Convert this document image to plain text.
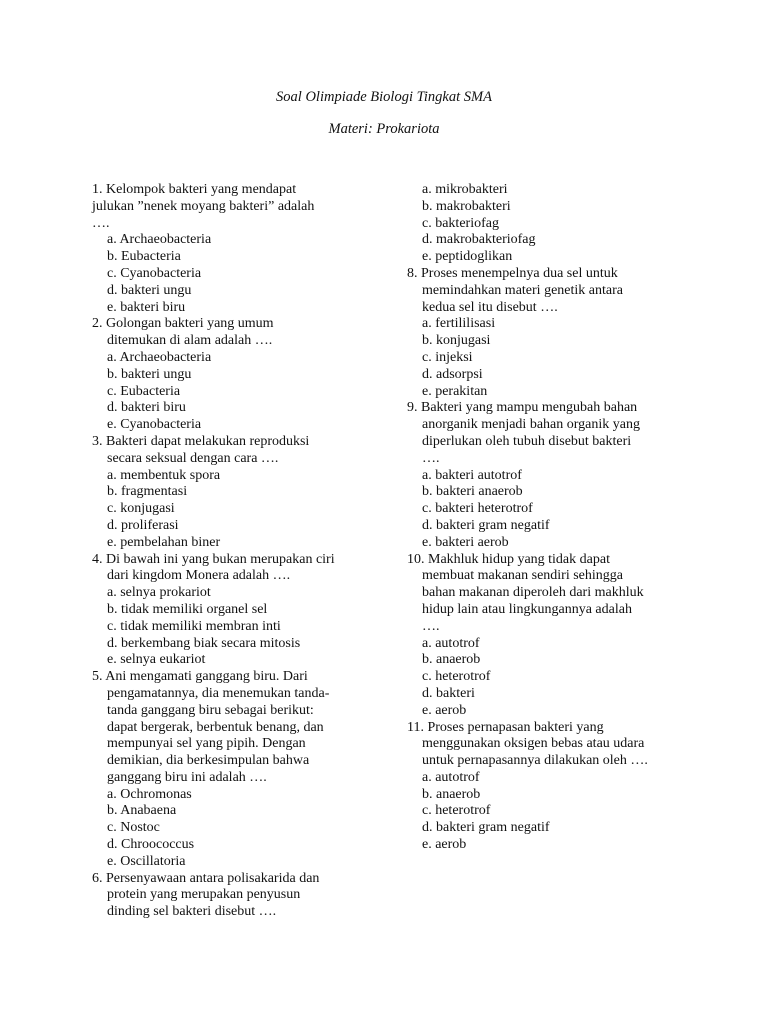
Soal Olimpiade Biologi Tingkat SMA
Materi: Prokariota
1. Kelompok bakteri yang mendapat
julukan ”nenek moyang bakteri” adalah
….
a. Archaeobacteria
b. Eubacteria
c. Cyanobacteria
d. bakteri ungu
e. bakteri biru
2. Golongan bakteri yang umum
ditemukan di alam adalah ….
a. Archaeobacteria
b. bakteri ungu
c. Eubacteria
d. bakteri biru
e. Cyanobacteria
3. Bakteri dapat melakukan reproduksi
secara seksual dengan cara ….
a. membentuk spora
b. fragmentasi
c. konjugasi
d. proliferasi
e. pembelahan biner
4. Di bawah ini yang bukan merupakan ciri
dari kingdom Monera adalah ….
a. selnya prokariot
b. tidak memiliki organel sel
c. tidak memiliki membran inti
d. berkembang biak secara mitosis
e. selnya eukariot
5. Ani mengamati ganggang biru. Dari
pengamatannya, dia menemukan tanda-
tanda ganggang biru sebagai berikut:
dapat bergerak, berbentuk benang, dan
mempunyai sel yang pipih. Dengan
demikian, dia berkesimpulan bahwa
ganggang biru ini adalah ….
a. Ochromonas
b. Anabaena
c. Nostoc
d. Chroococcus
e. Oscillatoria
6. Persenyawaan antara polisakarida dan
protein yang merupakan penyusun
dinding sel bakteri disebut ….
a. mikrobakteri
b. makrobakteri
c. bakteriofag
d. makrobakteriofag
e. peptidoglikan
8. Proses menempelnya dua sel untuk
memindahkan materi genetik antara
kedua sel itu disebut ….
a. fertililisasi
b. konjugasi
c. injeksi
d. adsorpsi
e. perakitan
9. Bakteri yang mampu mengubah bahan
anorganik menjadi bahan organik yang
diperlukan oleh tubuh disebut bakteri
….
a. bakteri autotrof
b. bakteri anaerob
c. bakteri heterotrof
d. bakteri gram negatif
e. bakteri aerob
10. Makhluk hidup yang tidak dapat
membuat makanan sendiri sehingga
bahan makanan diperoleh dari makhluk
hidup lain atau lingkungannya adalah
….
a. autotrof
b. anaerob
c. heterotrof
d. bakteri
e. aerob
11. Proses pernapasan bakteri yang
menggunakan oksigen bebas atau udara
untuk pernapasannya dilakukan oleh ….
a. autotrof
b. anaerob
c. heterotrof
d. bakteri gram negatif
e. aerob
